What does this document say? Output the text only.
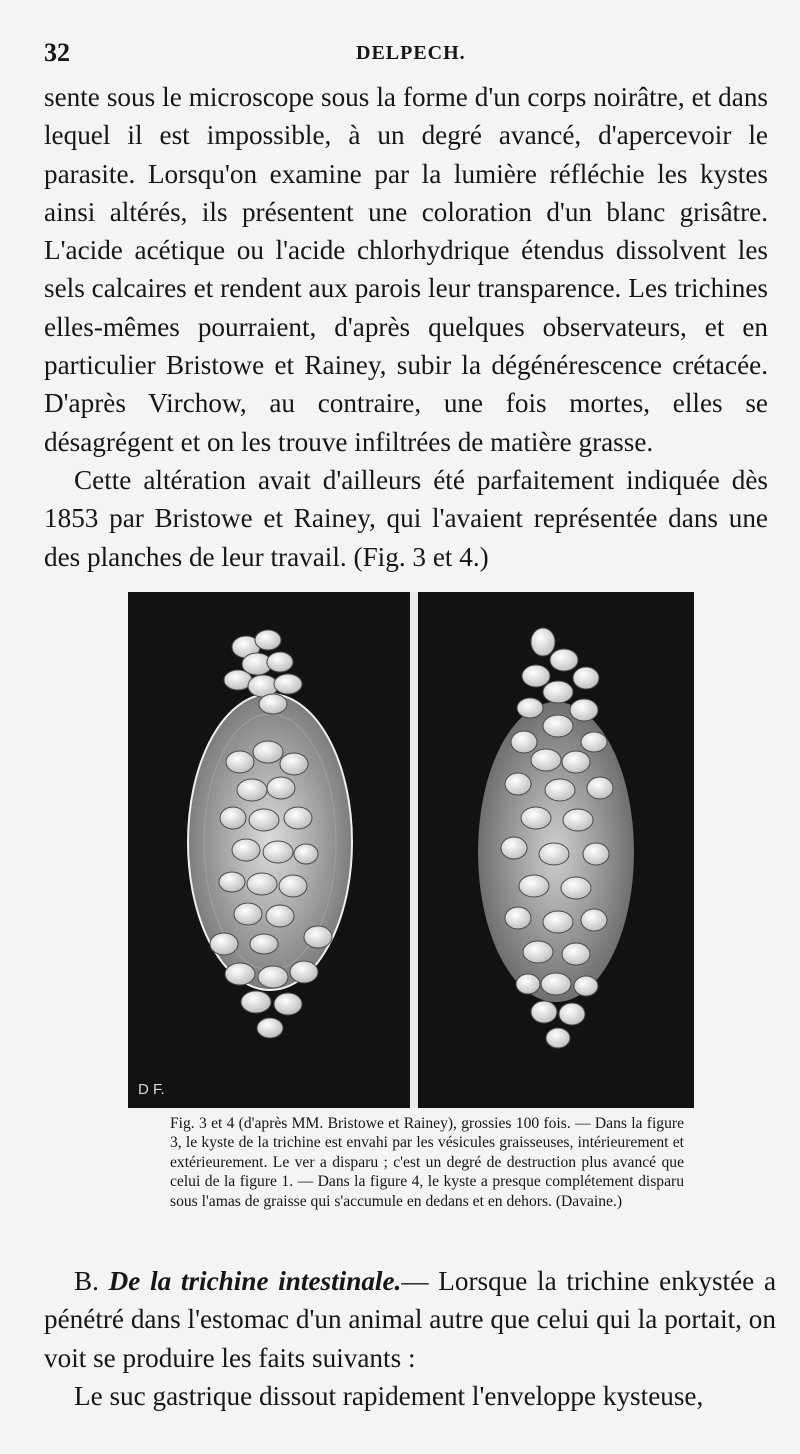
32	DELPECH.

sente sous le microscope sous la forme d'un corps noirâtre, et dans lequel il est impossible, à un degré avancé, d'apercevoir le parasite. Lorsqu'on examine par la lumière réfléchie les kystes ainsi altérés, ils présentent une coloration d'un blanc grisâtre. L'acide acétique ou l'acide chlorhydrique étendus dissolvent les sels calcaires et rendent aux parois leur transparence. Les trichines elles-mêmes pourraient, d'après quelques observateurs, et en particulier Bristowe et Rainey, subir la dégénérescence crétacée. D'après Virchow, au contraire, une fois mortes, elles se désagrégent et on les trouve infiltrées de matière grasse.

Cette altération avait d'ailleurs été parfaitement indiquée dès 1853 par Bristowe et Rainey, qui l'avaient représentée dans une des planches de leur travail. (Fig. 3 et 4.)

D F.
Fig. 3 et 4 (d'après MM. Bristowe et Rainey), grossies 100 fois. — Dans la figure 3, le kyste de la trichine est envahi par les vésicules graisseuses, intérieurement et extérieurement. Le ver a disparu ; c'est un degré de destruction plus avancé que celui de la figure 1. — Dans la figure 4, le kyste a presque complétement disparu sous l'amas de graisse qui s'accumule en dedans et en dehors. (Davaine.)

B. De la trichine intestinale.— Lorsque la trichine enkystée a pénétré dans l'estomac d'un animal autre que celui qui la portait, on voit se produire les faits suivants :

Le suc gastrique dissout rapidement l'enveloppe kysteuse,
